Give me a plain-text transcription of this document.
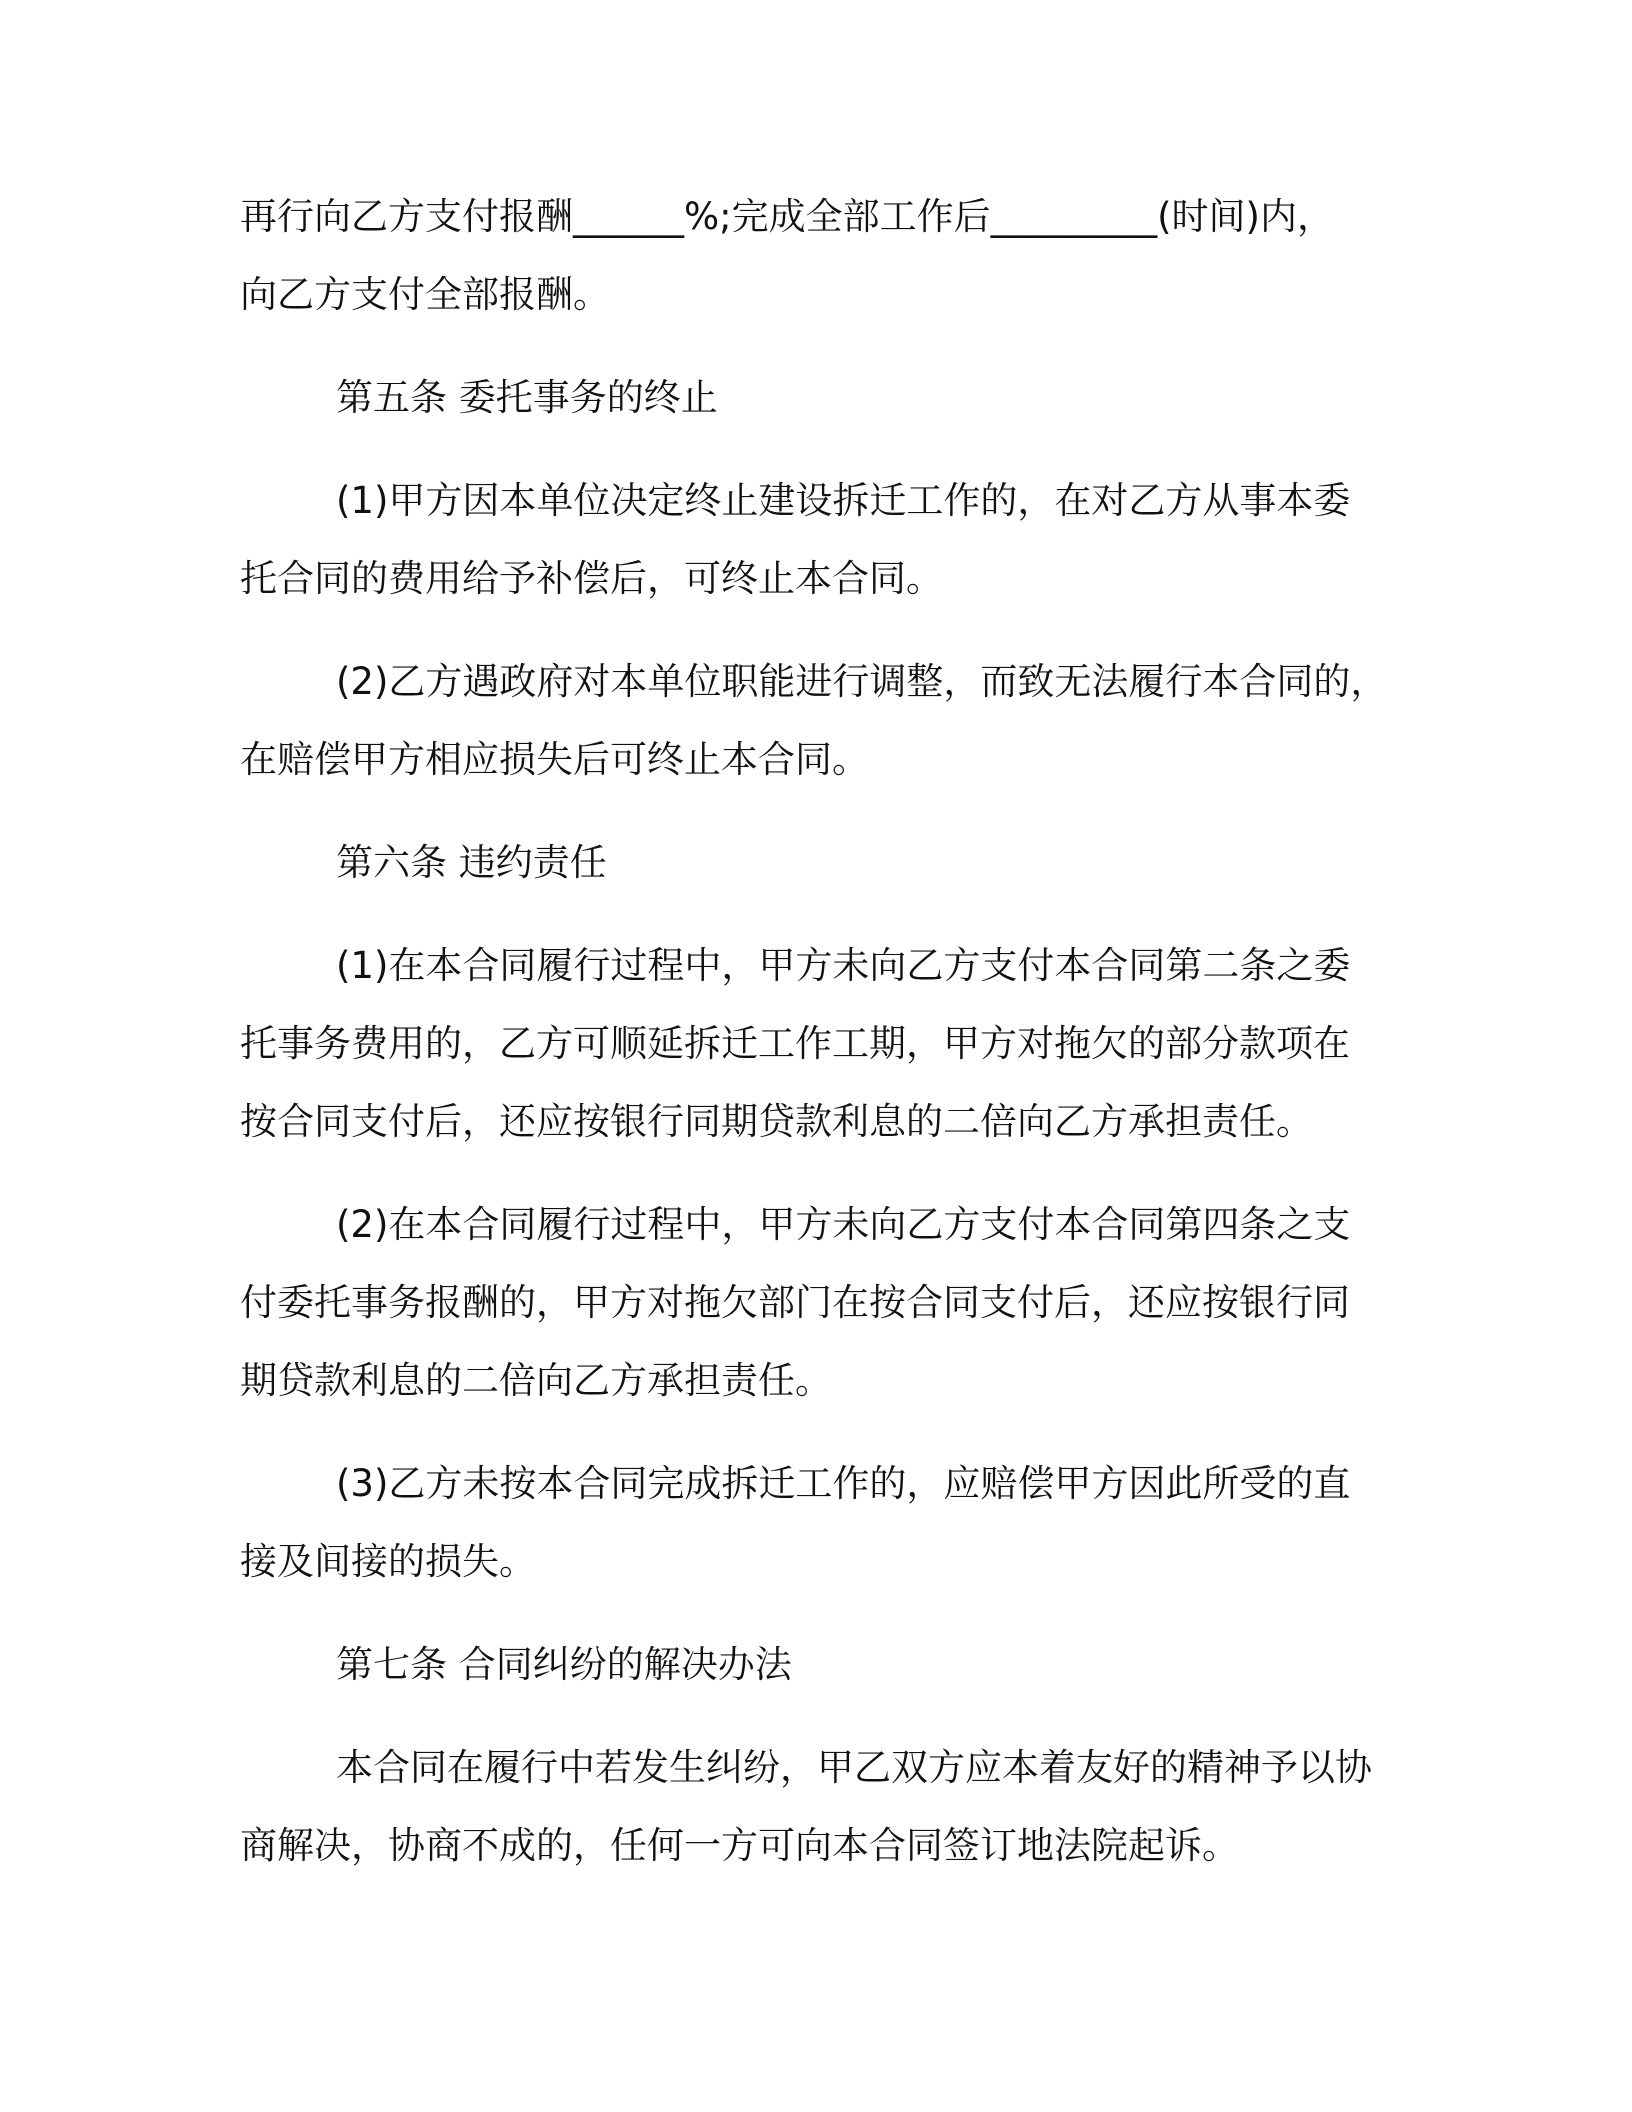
再行向乙方支付报酬______%;完成全部工作后_________(时间)内，
向乙方支付全部报酬。
第五条 委托事务的终止
(1)甲方因本单位决定终止建设拆迁工作的，在对乙方从事本委
托合同的费用给予补偿后，可终止本合同。
(2)乙方遇政府对本单位职能进行调整，而致无法履行本合同的，
在赔偿甲方相应损失后可终止本合同。
第六条 违约责任
(1)在本合同履行过程中，甲方未向乙方支付本合同第二条之委
托事务费用的，乙方可顺延拆迁工作工期，甲方对拖欠的部分款项在
按合同支付后，还应按银行同期贷款利息的二倍向乙方承担责任。
(2)在本合同履行过程中，甲方未向乙方支付本合同第四条之支
付委托事务报酬的，甲方对拖欠部门在按合同支付后，还应按银行同
期贷款利息的二倍向乙方承担责任。
(3)乙方未按本合同完成拆迁工作的，应赔偿甲方因此所受的直
接及间接的损失。
第七条 合同纠纷的解决办法
本合同在履行中若发生纠纷，甲乙双方应本着友好的精神予以协
商解决，协商不成的，任何一方可向本合同签订地法院起诉。
